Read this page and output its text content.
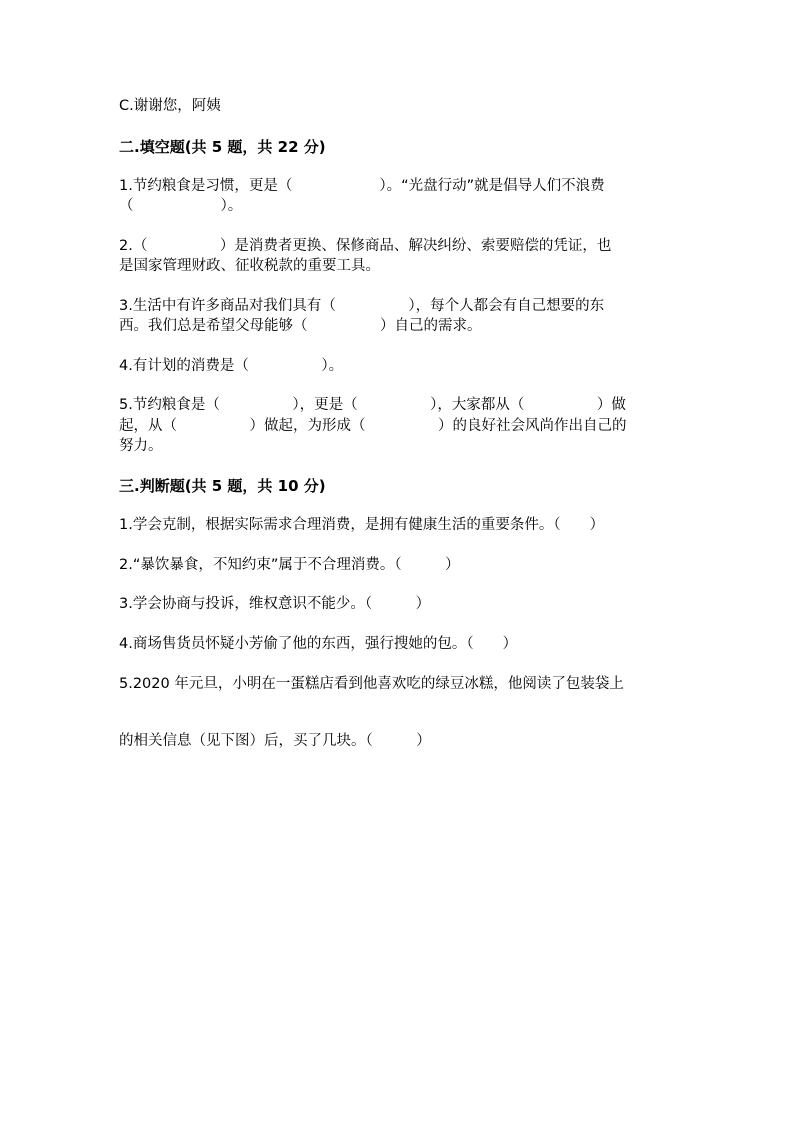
C.谢谢您，阿姨
二.填空题(共 5 题，共 22 分)
1.节约粮食是习惯，更是（　　　　　　）。“光盘行动”就是倡导人们不浪费
（　　　　　　）。
2.（　　　　　）是消费者更换、保修商品、解决纠纷、索要赔偿的凭证，也
是国家管理财政、征收税款的重要工具。
3.生活中有许多商品对我们具有（　　　　　），每个人都会有自己想要的东
西。我们总是希望父母能够（　　　　　）自己的需求。
4.有计划的消费是（　　　　　）。
5.节约粮食是（　　　　　），更是（　　　　　），大家都从（　　　　　）做
起，从（　　　　　）做起，为形成（　　　　　）的良好社会风尚作出自己的
努力。
三.判断题(共 5 题，共 10 分)
1.学会克制，根据实际需求合理消费，是拥有健康生活的重要条件。（　　）
2.“暴饮暴食，不知约束”属于不合理消费。（　　　）
3.学会协商与投诉，维权意识不能少。（　　　）
4.商场售货员怀疑小芳偷了他的东西，强行搜她的包。（　　）
5.2020 年元旦，小明在一蛋糕店看到他喜欢吃的绿豆冰糕，他阅读了包装袋上
的相关信息（见下图）后，买了几块。（　　　）
